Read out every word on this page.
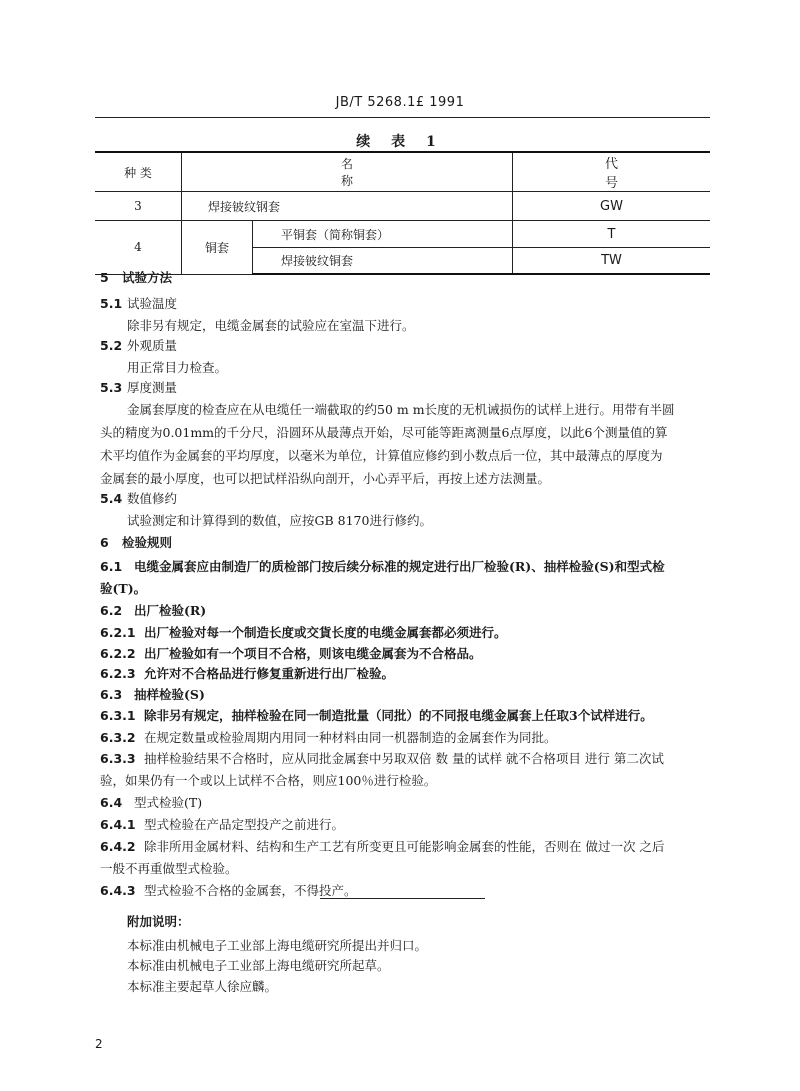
JB/T 5268.1£ 1991
续 表 1
种 类	名称		代号
3	焊接铍纹钢套		GW
4	铜套	平铜套（简称铜套）	T
		焊接铍纹铜套	TW
5 试验方法
5.1 试验温度
除非另有规定，电缆金属套的试验应在室温下进行。
5.2 外观质量
用正常目力检查。
5.3 厚度测量
金属套厚度的检查应在从电缆任一端截取的约50 m m长度的无机诫损伤的试样上进行。用带有半圆
头的精度为0.01mm的千分尺，沿圆环从最薄点开始，尽可能等距离测量6点厚度，以此6个测量值的算
术平均值作为金属套的平均厚度，以毫米为单位，计算值应修约到小数点后一位，其中最薄点的厚度为
金属套的最小厚度，也可以把试样沿纵向剖开，小心弄平后，再按上述方法测量。
5.4 数值修约
试验测定和计算得到的数值，应按GB 8170进行修约。
6 检验规则
6.1 电缆金属套应由制造厂的质检部门按后续分标准的规定进行出厂检验(R)、抽样检验(S)和型式检
验(T)。
6.2 出厂检验(R)
6.2.1 出厂检验对每一个制造长度或交貨长度的电缆金属套都必须进行。
6.2.2 出厂检验如有一个项目不合格，则该电缆金属套为不合格品。
6.2.3 允许对不合格品进行修复重新进行出厂检验。
6.3 抽样检验(S)
6.3.1 除非另有规定，抽样检验在同一制造批量（同批）的不同报电缆金属套上任取3个试样进行。
6.3.2 在规定数量或检验周期内用同一种材料由同一机器制造的金属套作为同批。
6.3.3 抽样检验结果不合格时，应从同批金属套中另取双倍 数 量的试样 就不合格项目 进行 第二次试
验，如果仍有一个或以上试样不合格，则应100％进行检验。
6.4 型式检验(T)
6.4.1 型式检验在产品定型投产之前进行。
6.4.2 除非所用金属材料、结构和生产工艺有所变更且可能影响金属套的性能，否则在 做过一次 之后
一般不再重做型式检验。
6.4.3 型式检验不合格的金属套，不得投产。
附加说明：
本标准由机械电子工业部上海电缆研究所提出并归口。
本标准由机械电子工业部上海电缆研究所起草。
本标准主要起草人徐应麟。
2
